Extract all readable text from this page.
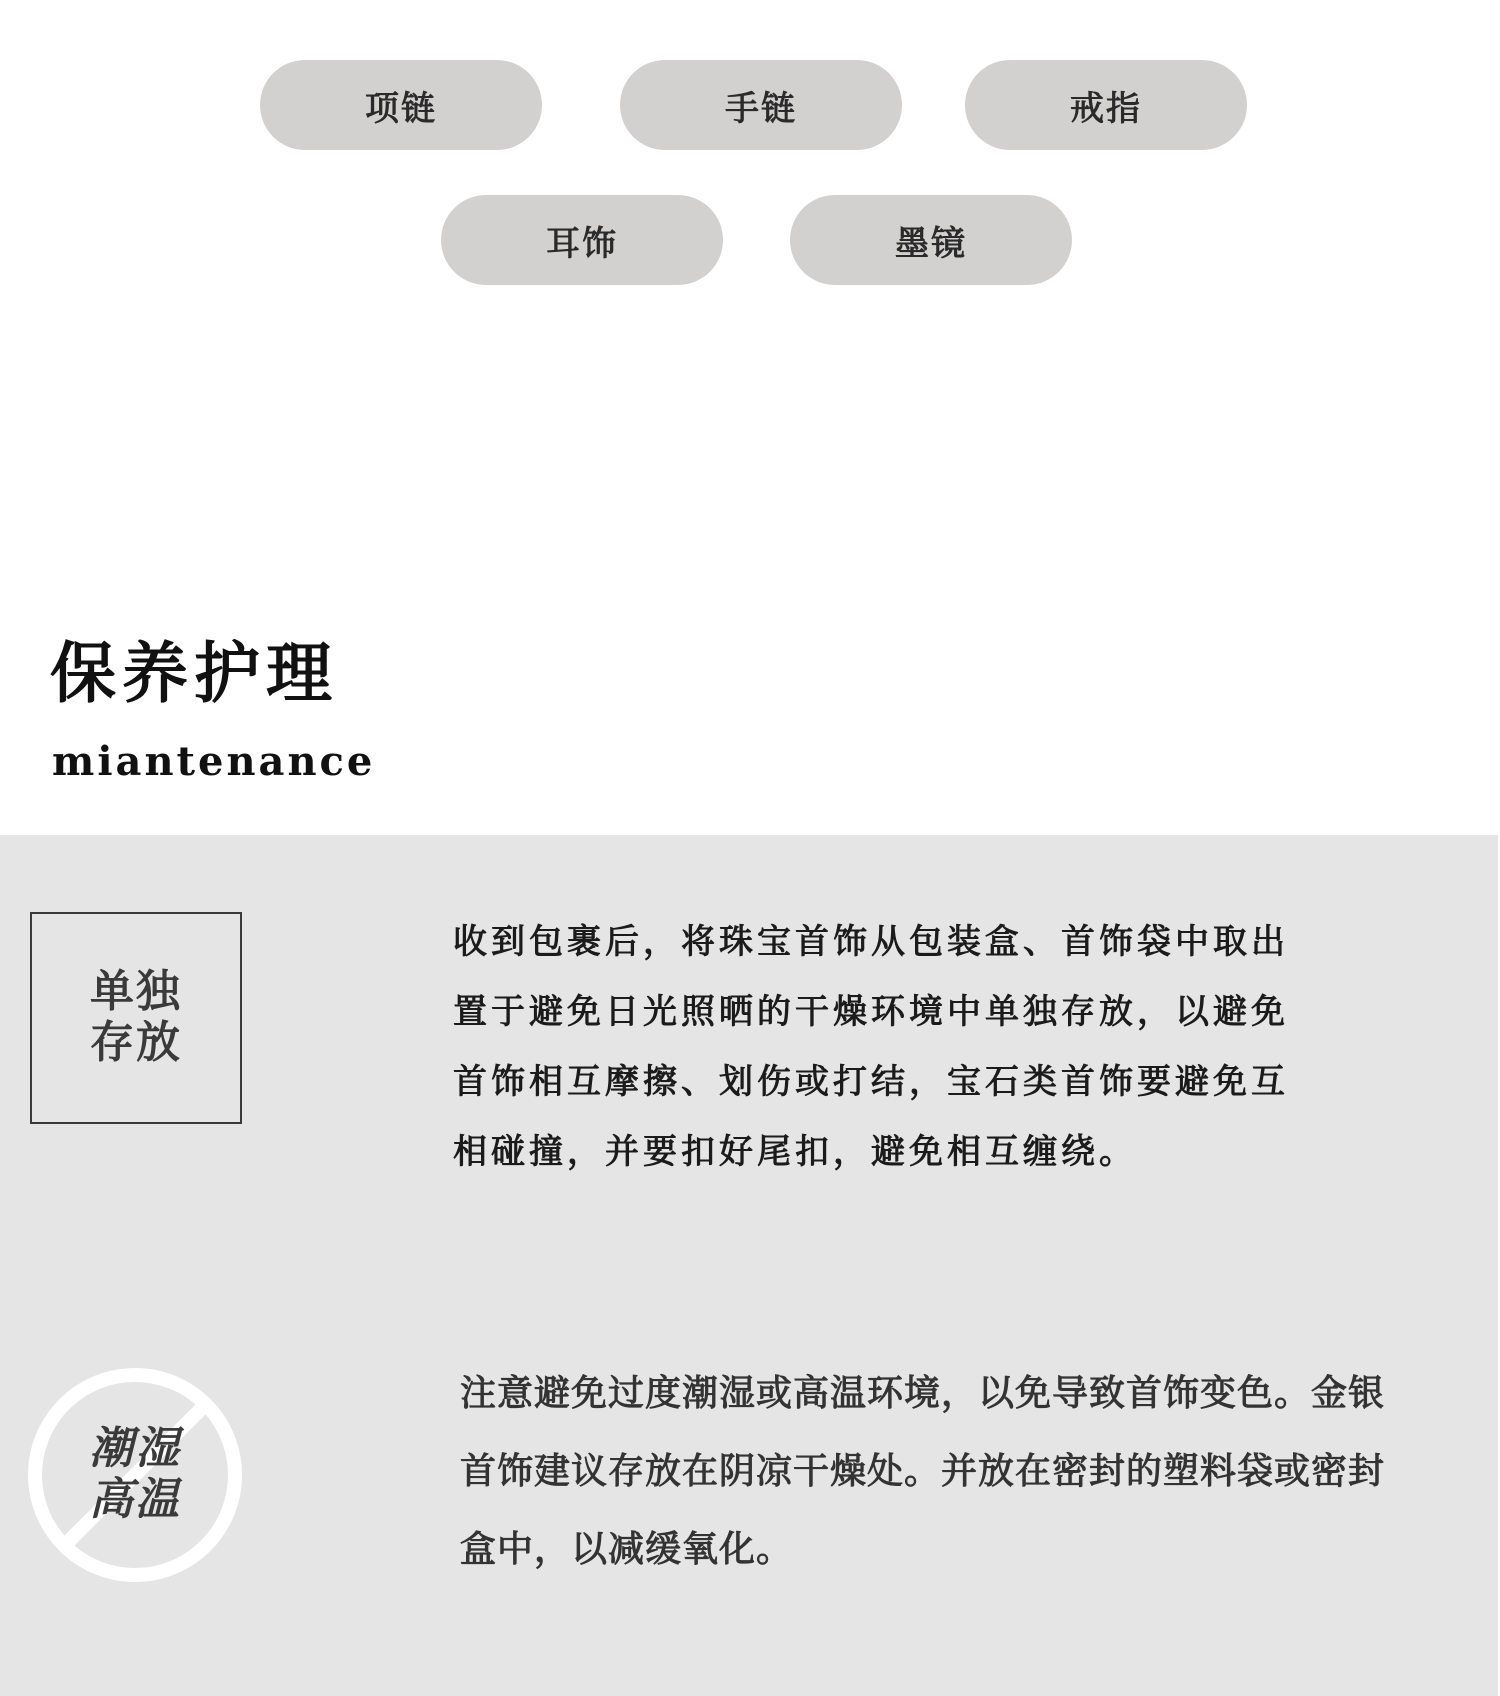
项链	手链	戒指
耳饰	墨镜
保养护理
miantenance
单独
存放

收到包裹后，将珠宝首饰从包装盒、首饰袋中取出置于避免日光照晒的干燥环境中单独存放，以避免首饰相互摩擦、划伤或打结，宝石类首饰要避免互相碰撞，并要扣好尾扣，避免相互缠绕。

潮湿
高温

注意避免过度潮湿或高温环境，以免导致首饰变色。金银首饰建议存放在阴凉干燥处。并放在密封的塑料袋或密封盒中，以减缓氧化。
